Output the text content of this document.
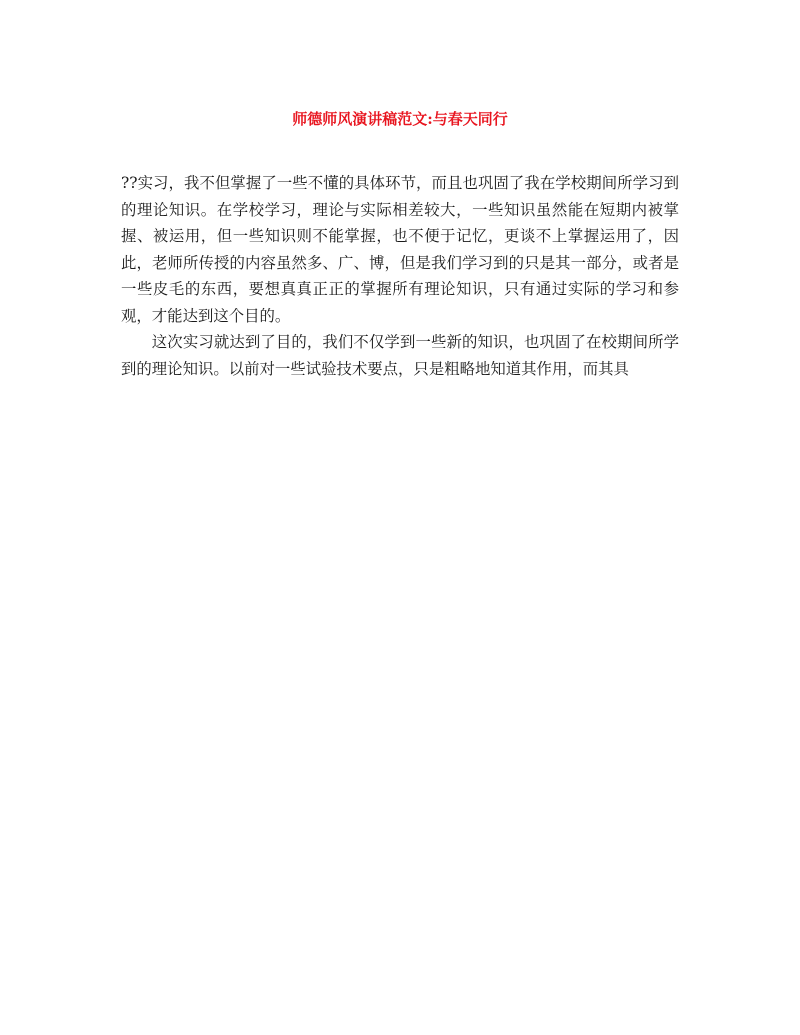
师德师风演讲稿范文:与春天同行

??实习，我不但掌握了一些不懂的具体环节，而且也巩固了我在学校期间所学习到的理论知识。在学校学习，理论与实际相差较大，一些知识虽然能在短期内被掌握、被运用，但一些知识则不能掌握，也不便于记忆，更谈不上掌握运用了，因此，老师所传授的内容虽然多、广、博，但是我们学习到的只是其一部分，或者是一些皮毛的东西，要想真真正正的掌握所有理论知识，只有通过实际的学习和参观，才能达到这个目的。

这次实习就达到了目的，我们不仅学到一些新的知识，也巩固了在校期间所学到的理论知识。以前对一些试验技术要点，只是粗略地知道其作用，而其具
